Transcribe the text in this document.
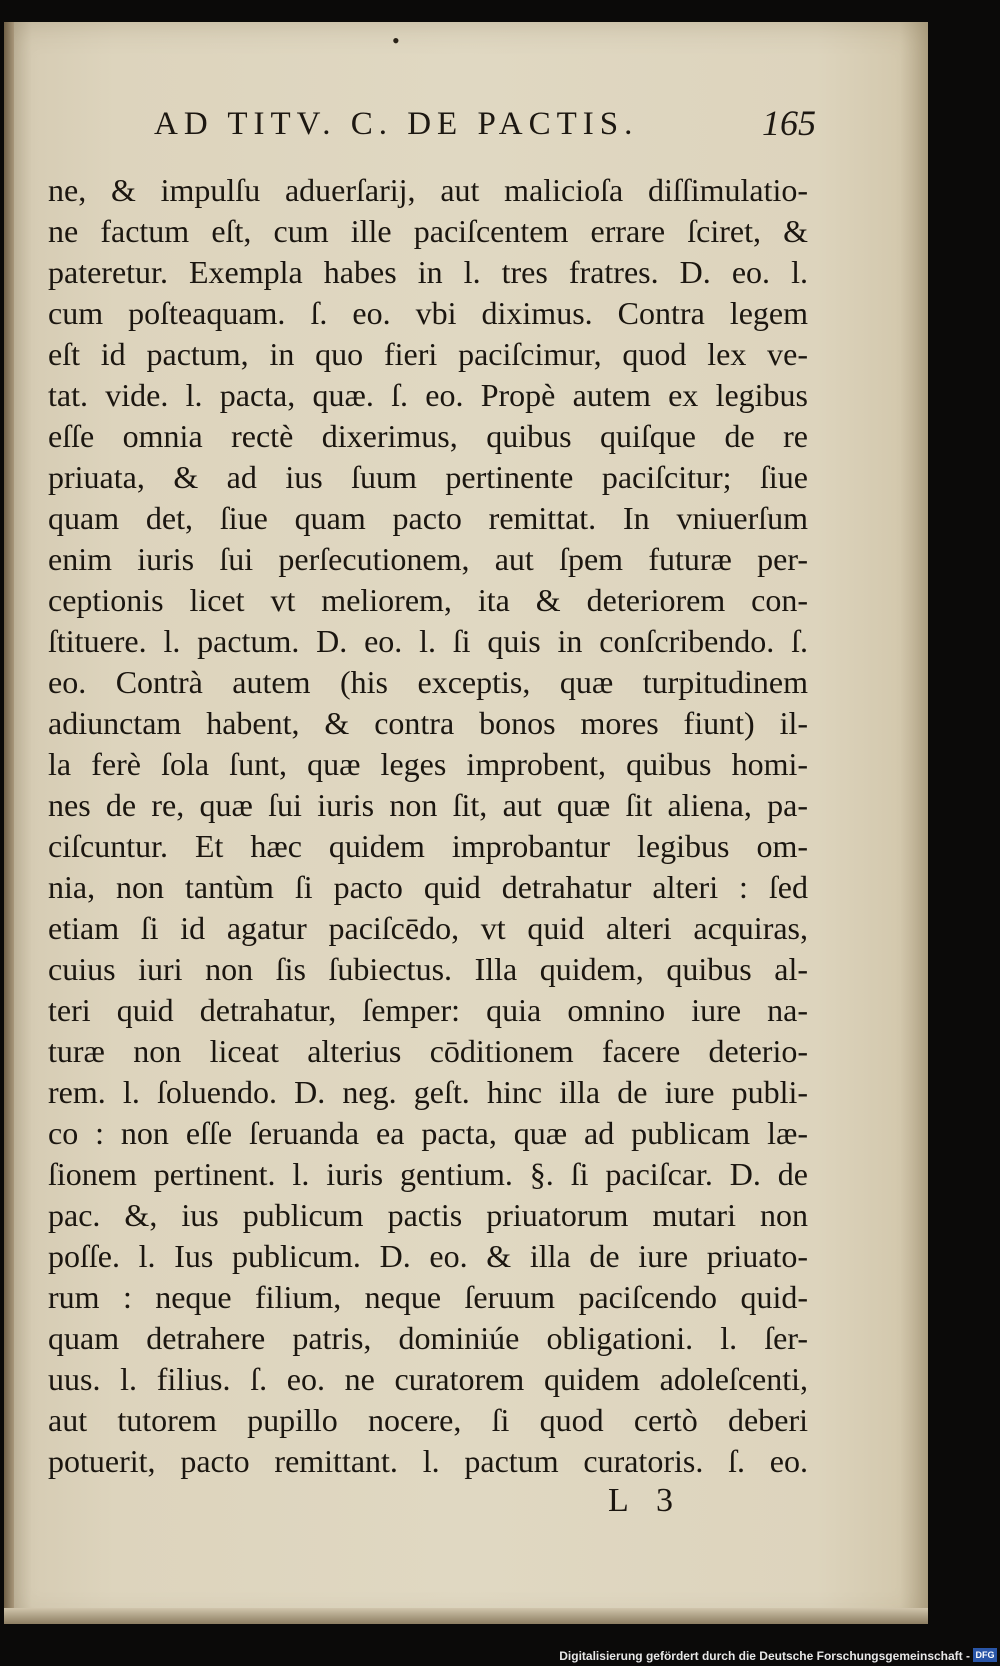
•
AD TITV. C. DE PACTIS.	165
ne, & impulſu aduerſarij, aut malicioſa diſſimulatio-
ne factum eſt, cum ille paciſcentem errare ſciret, &
pateretur. Exempla habes in l. tres fratres. D. eo. l.
cum poſteaquam. ſ. eo. vbi diximus. Contra legem
eſt id pactum, in quo fieri paciſcimur, quod lex ve-
tat. vide. l. pacta, quæ. ſ. eo. Propè autem ex legibus
eſſe omnia rectè dixerimus, quibus quiſque de re
priuata, & ad ius ſuum pertinente paciſcitur; ſiue
quam det, ſiue quam pacto remittat. In vniuerſum
enim iuris ſui perſecutionem, aut ſpem futuræ per-
ceptionis licet vt meliorem, ita & deteriorem con-
ſtituere. l. pactum. D. eo. l. ſi quis in conſcribendo. ſ.
eo. Contrà autem (his exceptis, quæ turpitudinem
adiunctam habent, & contra bonos mores fiunt) il-
la ferè ſola ſunt, quæ leges improbent, quibus homi-
nes de re, quæ ſui iuris non ſit, aut quæ ſit aliena, pa-
ciſcuntur. Et hæc quidem improbantur legibus om-
nia, non tantùm ſi pacto quid detrahatur alteri : ſed
etiam ſi id agatur paciſcēdo, vt quid alteri acquiras,
cuius iuri non ſis ſubiectus. Illa quidem, quibus al-
teri quid detrahatur, ſemper: quia omnino iure na-
turæ non liceat alterius cōditionem facere deterio-
rem. l. ſoluendo. D. neg. geſt. hinc illa de iure publi-
co : non eſſe ſeruanda ea pacta, quæ ad publicam læ-
ſionem pertinent. l. iuris gentium. §. ſi paciſcar. D. de
pac. &, ius publicum pactis priuatorum mutari non
poſſe. l. Ius publicum. D. eo. & illa de iure priuato-
rum : neque filium, neque ſeruum paciſcendo quid-
quam detrahere patris, dominiúe obligationi. l. ſer-
uus. l. filius. ſ. eo. ne curatorem quidem adoleſcenti,
aut tutorem pupillo nocere, ſi quod certò deberi
potuerit, pacto remittant. l. pactum curatoris. ſ. eo.
L 3
Digitalisierung gefördert durch die Deutsche Forschungsgemeinschaft - DFG
